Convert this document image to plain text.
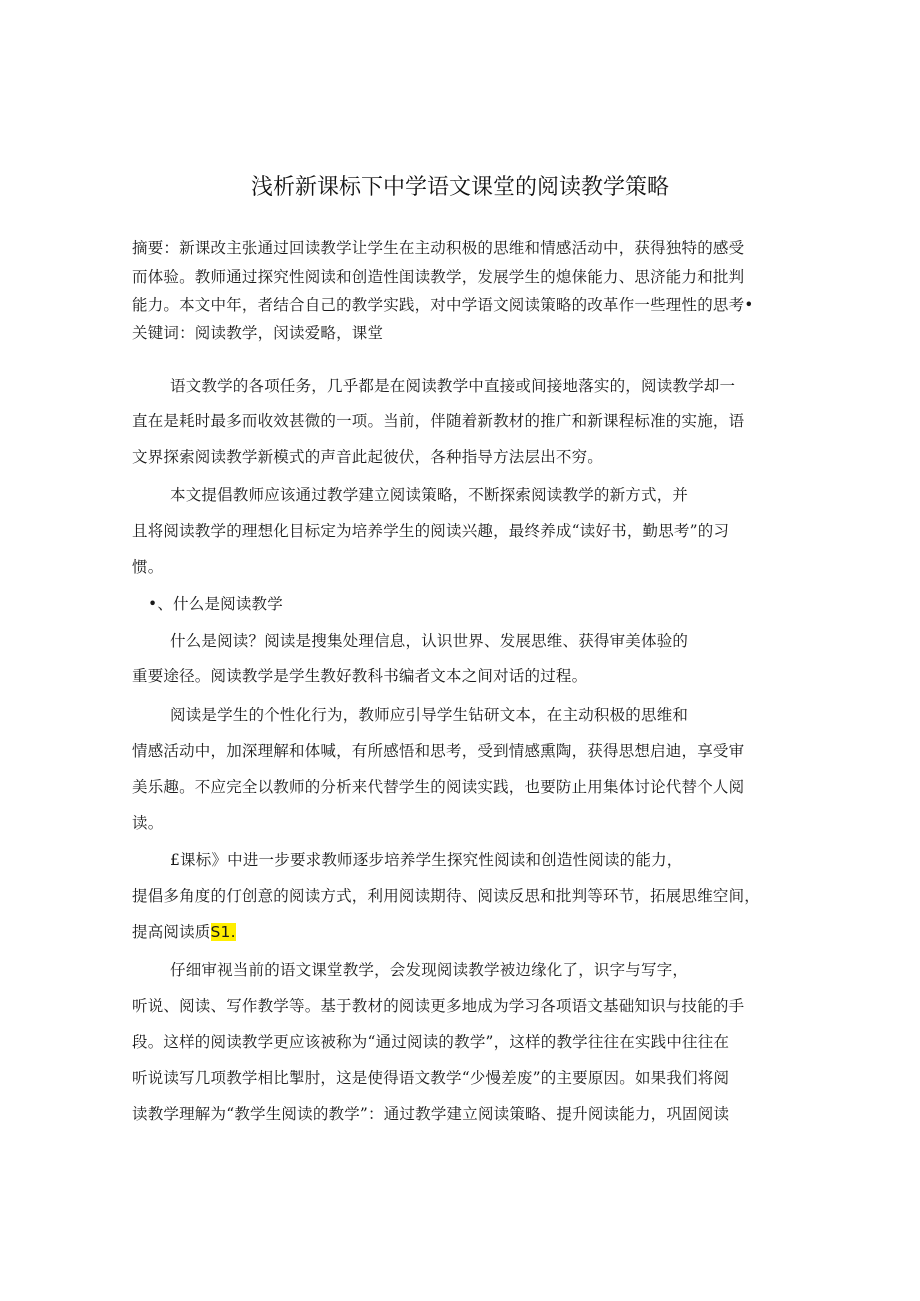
浅析新课标下中学语文课堂的阅读教学策略
摘要：新课改主张通过回读教学让学生在主动积极的思维和情感活动中，获得独特的感受
而体验。教师通过探究性阅读和创造性闺读教学，发展学生的熄俫能力、思济能力和批判
能力。本文中年，者结合自己的教学实践，对中学语文阅读策略的改革作一些理性的思考•
关键词：阅读教学，闵读爱略，课堂
语文教学的各项任务，几乎都是在阅读教学中直接或间接地落实的，阅读教学却一
直在是耗时最多而收效甚微的一项。当前，伴随着新教材的推广和新课程标准的实施，语
文界探索阅读教学新模式的声音此起彼伏，各种指导方法层出不穷。
本文提倡教师应该通过教学建立阅读策略，不断探索阅读教学的新方式，并
且将阅读教学的理想化目标定为培养学生的阅读兴趣，最终养成“读好书，勤思考”的习
惯。
•、什么是阅读教学
什么是阅读？阅读是搜集处理信息，认识世界、发展思维、获得审美体验的
重要途径。阅读教学是学生教好教科书编者文本之间对话的过程。
阅读是学生的个性化行为，教师应引导学生钻研文本，在主动积极的思维和
情感活动中，加深理解和体喊，有所感悟和思考，受到情感熏陶，获得思想启迪，享受审
美乐趣。不应完全以教师的分析来代替学生的阅读实践，也要防止用集体讨论代替个人阅
读。
£课标》中进一步要求教师逐步培养学生探究性阅读和创造性阅读的能力，
提倡多角度的仃创意的阅读方式，利用阅读期待、阅读反思和批判等环节，拓展思维空间，
提高阅读质S1.
仔细审视当前的语文课堂教学，会发现阅读教学被边缘化了，识字与写字，
听说、阅读、写作教学等。基于教材的阅读更多地成为学习各项语文基础知识与技能的手
段。这样的阅读教学更应该被称为“通过阅读的教学”，这样的教学往往在实践中往往在
听说读写几项教学相比掣肘，这是使得语文教学“少慢差废”的主要原因。如果我们将阅
读教学理解为“教学生阅读的教学”：通过教学建立阅读策略、提升阅读能力，巩固阅读
